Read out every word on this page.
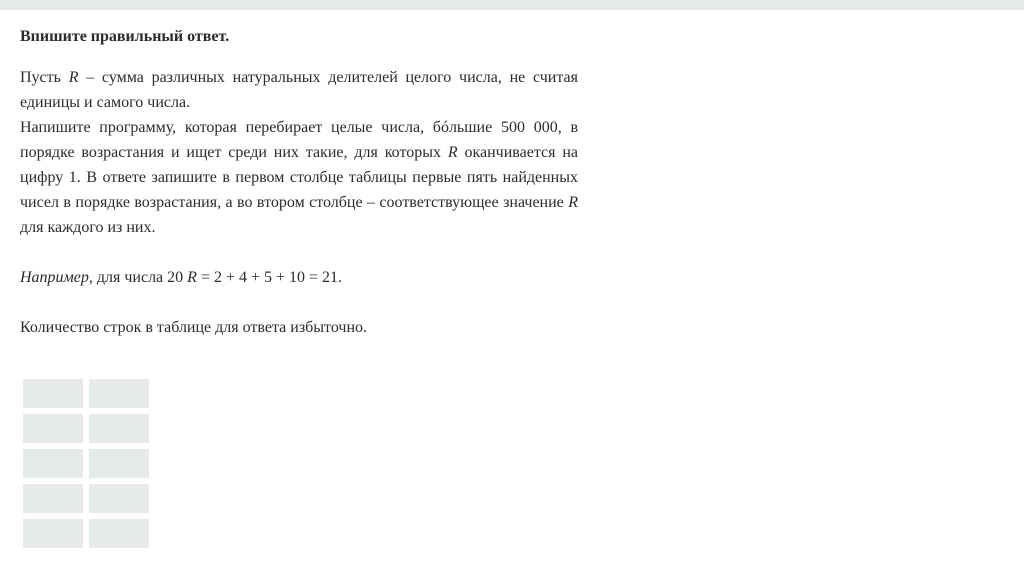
Впишите правильный ответ.

Пусть R – сумма различных натуральных делителей целого числа, не считая единицы и самого числа.

Напишите программу, которая перебирает целые числа, бóльшие 500 000, в порядке возрастания и ищет среди них такие, для которых R оканчивается на цифру 1. В ответе запишите в первом столбце таблицы первые пять найденных чисел в порядке возрастания, а во втором столбце – соответствующее значение R для каждого из них.

Например, для числа 20 R = 2 + 4 + 5 + 10 = 21.

Количество строк в таблице для ответа избыточно.
